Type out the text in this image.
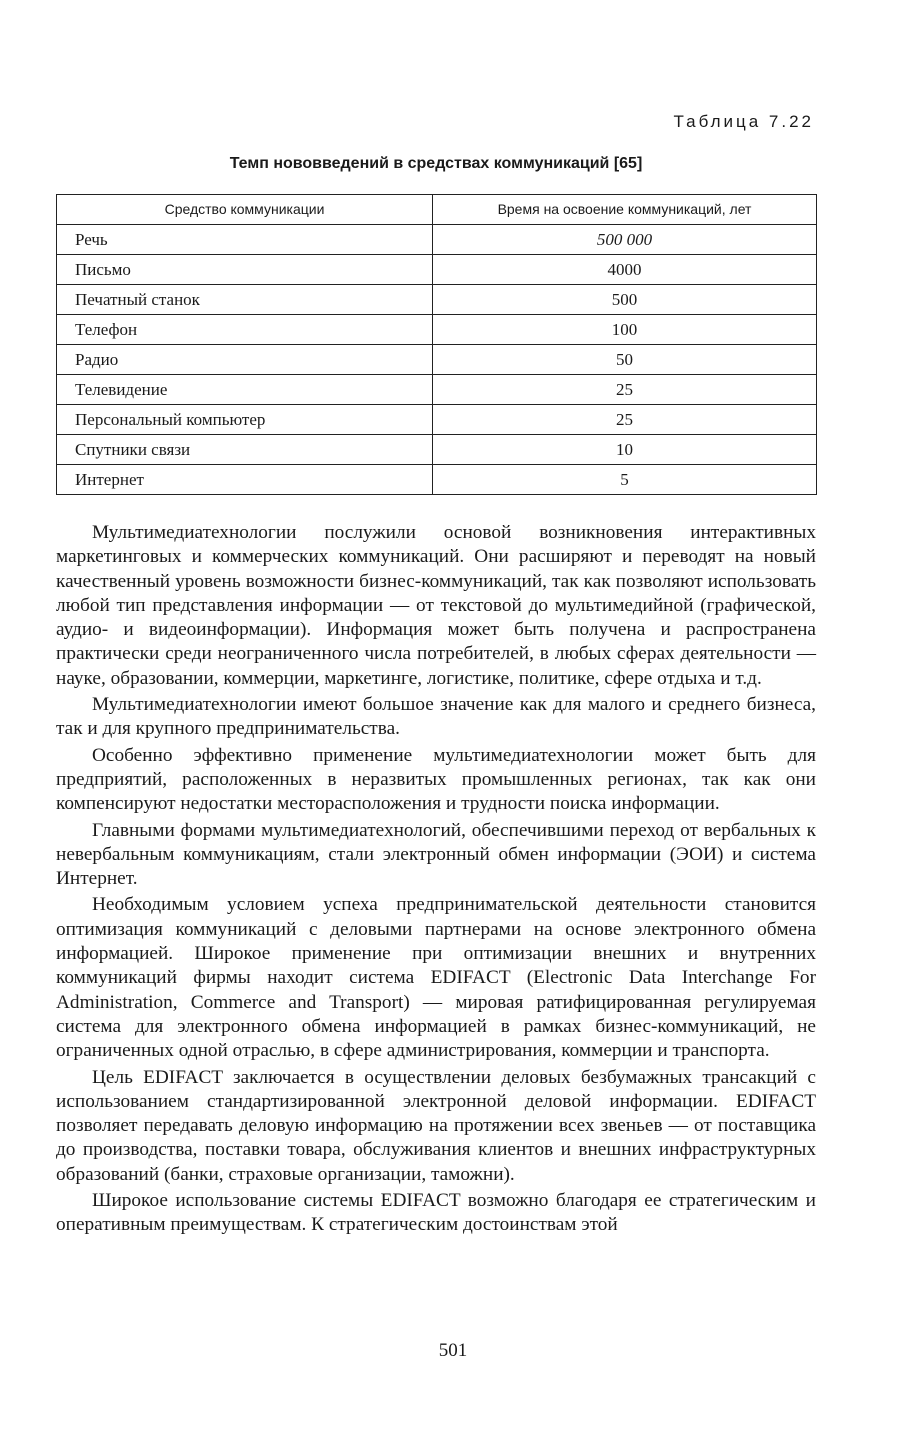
Таблица 7.22

Темп нововведений в средствах коммуникаций [65]

Средство коммуникации	Время на освоение коммуникаций, лет
Речь	500 000
Письмо	4000
Печатный станок	500
Телефон	100
Радио	50
Телевидение	25
Персональный компьютер	25
Спутники связи	10
Интернет	5

Мультимедиатехнологии послужили основой возникновения интерактивных маркетинговых и коммерческих коммуникаций. Они расширяют и переводят на новый качественный уровень возможности бизнес-коммуникаций, так как позволяют использовать любой тип представления информации — от текстовой до мультимедийной (графической, аудио- и видеоинформации). Информация может быть получена и распространена практически среди неограниченного числа потребителей, в любых сферах деятельности — науке, образовании, коммерции, маркетинге, логистике, политике, сфере отдыха и т.д.

Мультимедиатехнологии имеют большое значение как для малого и среднего бизнеса, так и для крупного предпринимательства.

Особенно эффективно применение мультимедиатехнологии может быть для предприятий, расположенных в неразвитых промышленных регионах, так как они компенсируют недостатки месторасположения и трудности поиска информации.

Главными формами мультимедиатехнологий, обеспечившими переход от вербальных к невербальным коммуникациям, стали электронный обмен информации (ЭОИ) и система Интернет.

Необходимым условием успеха предпринимательской деятельности становится оптимизация коммуникаций с деловыми партнерами на основе электронного обмена информацией. Широкое применение при оптимизации внешних и внутренних коммуникаций фирмы находит система EDIFACT (Electronic Data Interchange For Administration, Commerce and Transport) — мировая ратифицированная регулируемая система для электронного обмена информацией в рамках бизнес-коммуникаций, не ограниченных одной отраслью, в сфере администрирования, коммерции и транспорта.

Цель EDIFACT заключается в осуществлении деловых безбумажных трансакций с использованием стандартизированной электронной деловой информации. EDIFACT позволяет передавать деловую информацию на протяжении всех звеньев — от поставщика до производства, поставки товара, обслуживания клиентов и внешних инфраструктурных образований (банки, страховые организации, таможни).

Широкое использование системы EDIFACT возможно благодаря ее стратегическим и оперативным преимуществам. К стратегическим достоинствам этой

501
